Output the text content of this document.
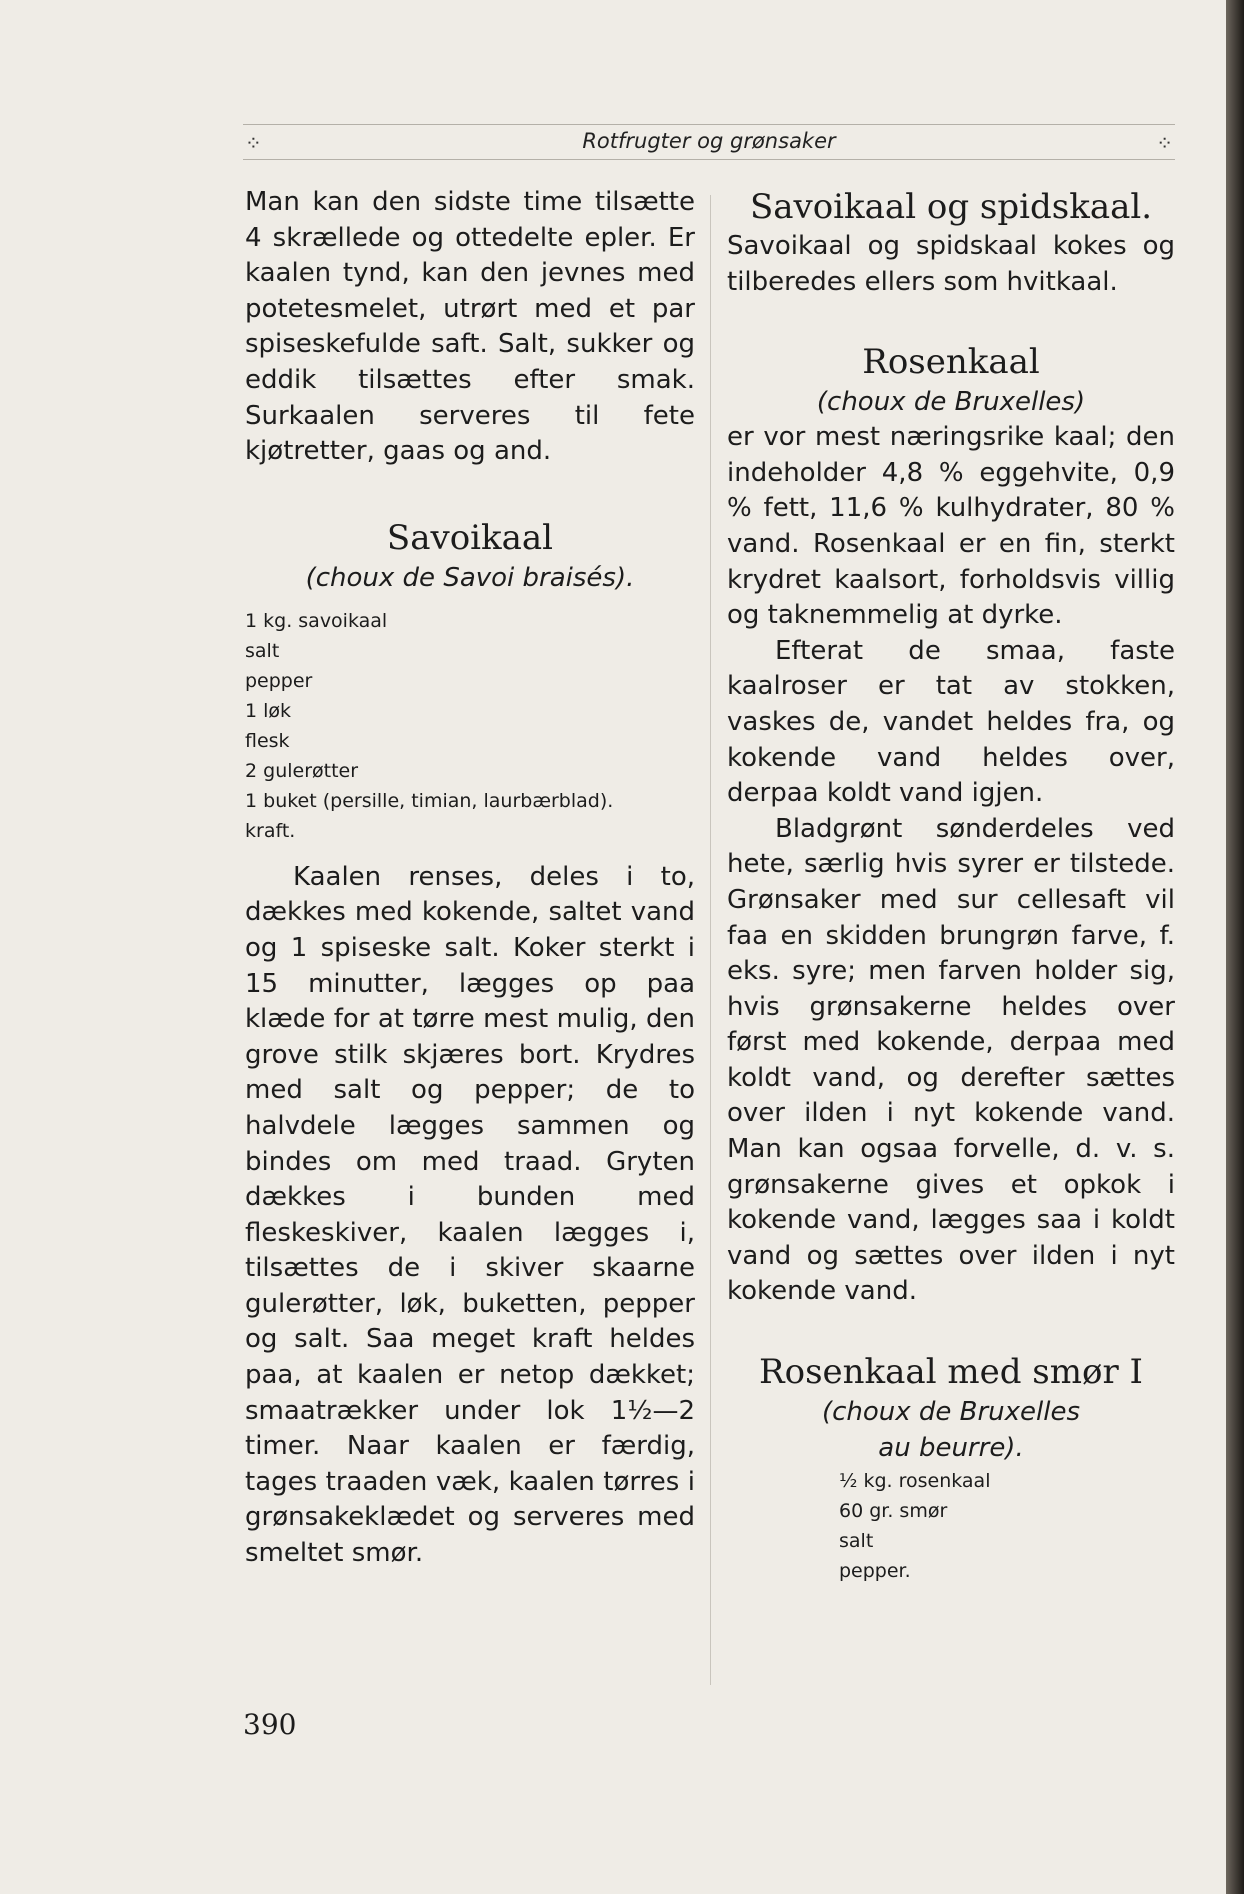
⁘	Rotfrugter og grønsaker	⁘

Man kan den sidste time tilsætte 4 skrællede og ottedelte epler. Er kaalen tynd, kan den jevnes med potetesmelet, utrørt med et par spiseskefulde saft. Salt, sukker og eddik tilsættes efter smak. Surkaalen serveres til fete kjøtretter, gaas og and.

Savoikaal

(choux de Savoi braisés).

1 kg. savoikaal
salt
pepper
1 løk
flesk
2 gulerøtter
1 buket (persille, timian, laurbærblad).
kraft.

Kaalen renses, deles i to, dækkes med kokende, saltet vand og 1 spiseske salt. Koker sterkt i 15 minutter, lægges op paa klæde for at tørre mest mulig, den grove stilk skjæres bort. Krydres med salt og pepper; de to halvdele lægges sammen og bindes om med traad. Gryten dækkes i bunden med fleskeskiver, kaalen lægges i, tilsættes de i skiver skaarne gulerøtter, løk, buketten, pepper og salt. Saa meget kraft heldes paa, at kaalen er netop dækket; smaatrækker under lok 1½—2 timer. Naar kaalen er færdig, tages traaden væk, kaalen tørres i grønsakeklædet og serveres med smeltet smør.

Savoikaal og spidskaal.

Savoikaal og spidskaal kokes og tilberedes ellers som hvitkaal.

Rosenkaal

(choux de Bruxelles)

er vor mest næringsrike kaal; den indeholder 4,8 % eggehvite, 0,9 % fett, 11,6 % kulhydrater, 80 % vand. Rosenkaal er en fin, sterkt krydret kaalsort, forholdsvis villig og taknemmelig at dyrke.

Efterat de smaa, faste kaalroser er tat av stokken, vaskes de, vandet heldes fra, og kokende vand heldes over, derpaa koldt vand igjen.

Bladgrønt sønderdeles ved hete, særlig hvis syrer er tilstede. Grønsaker med sur cellesaft vil faa en skidden brungrøn farve, f. eks. syre; men farven holder sig, hvis grønsakerne heldes over først med kokende, derpaa med koldt vand, og derefter sættes over ilden i nyt kokende vand. Man kan ogsaa forvelle, d. v. s. grønsakerne gives et opkok i kokende vand, lægges saa i koldt vand og sættes over ilden i nyt kokende vand.

Rosenkaal med smør I

(choux de Bruxelles

au beurre).

½ kg. rosenkaal
60 gr. smør
salt
pepper.
390
